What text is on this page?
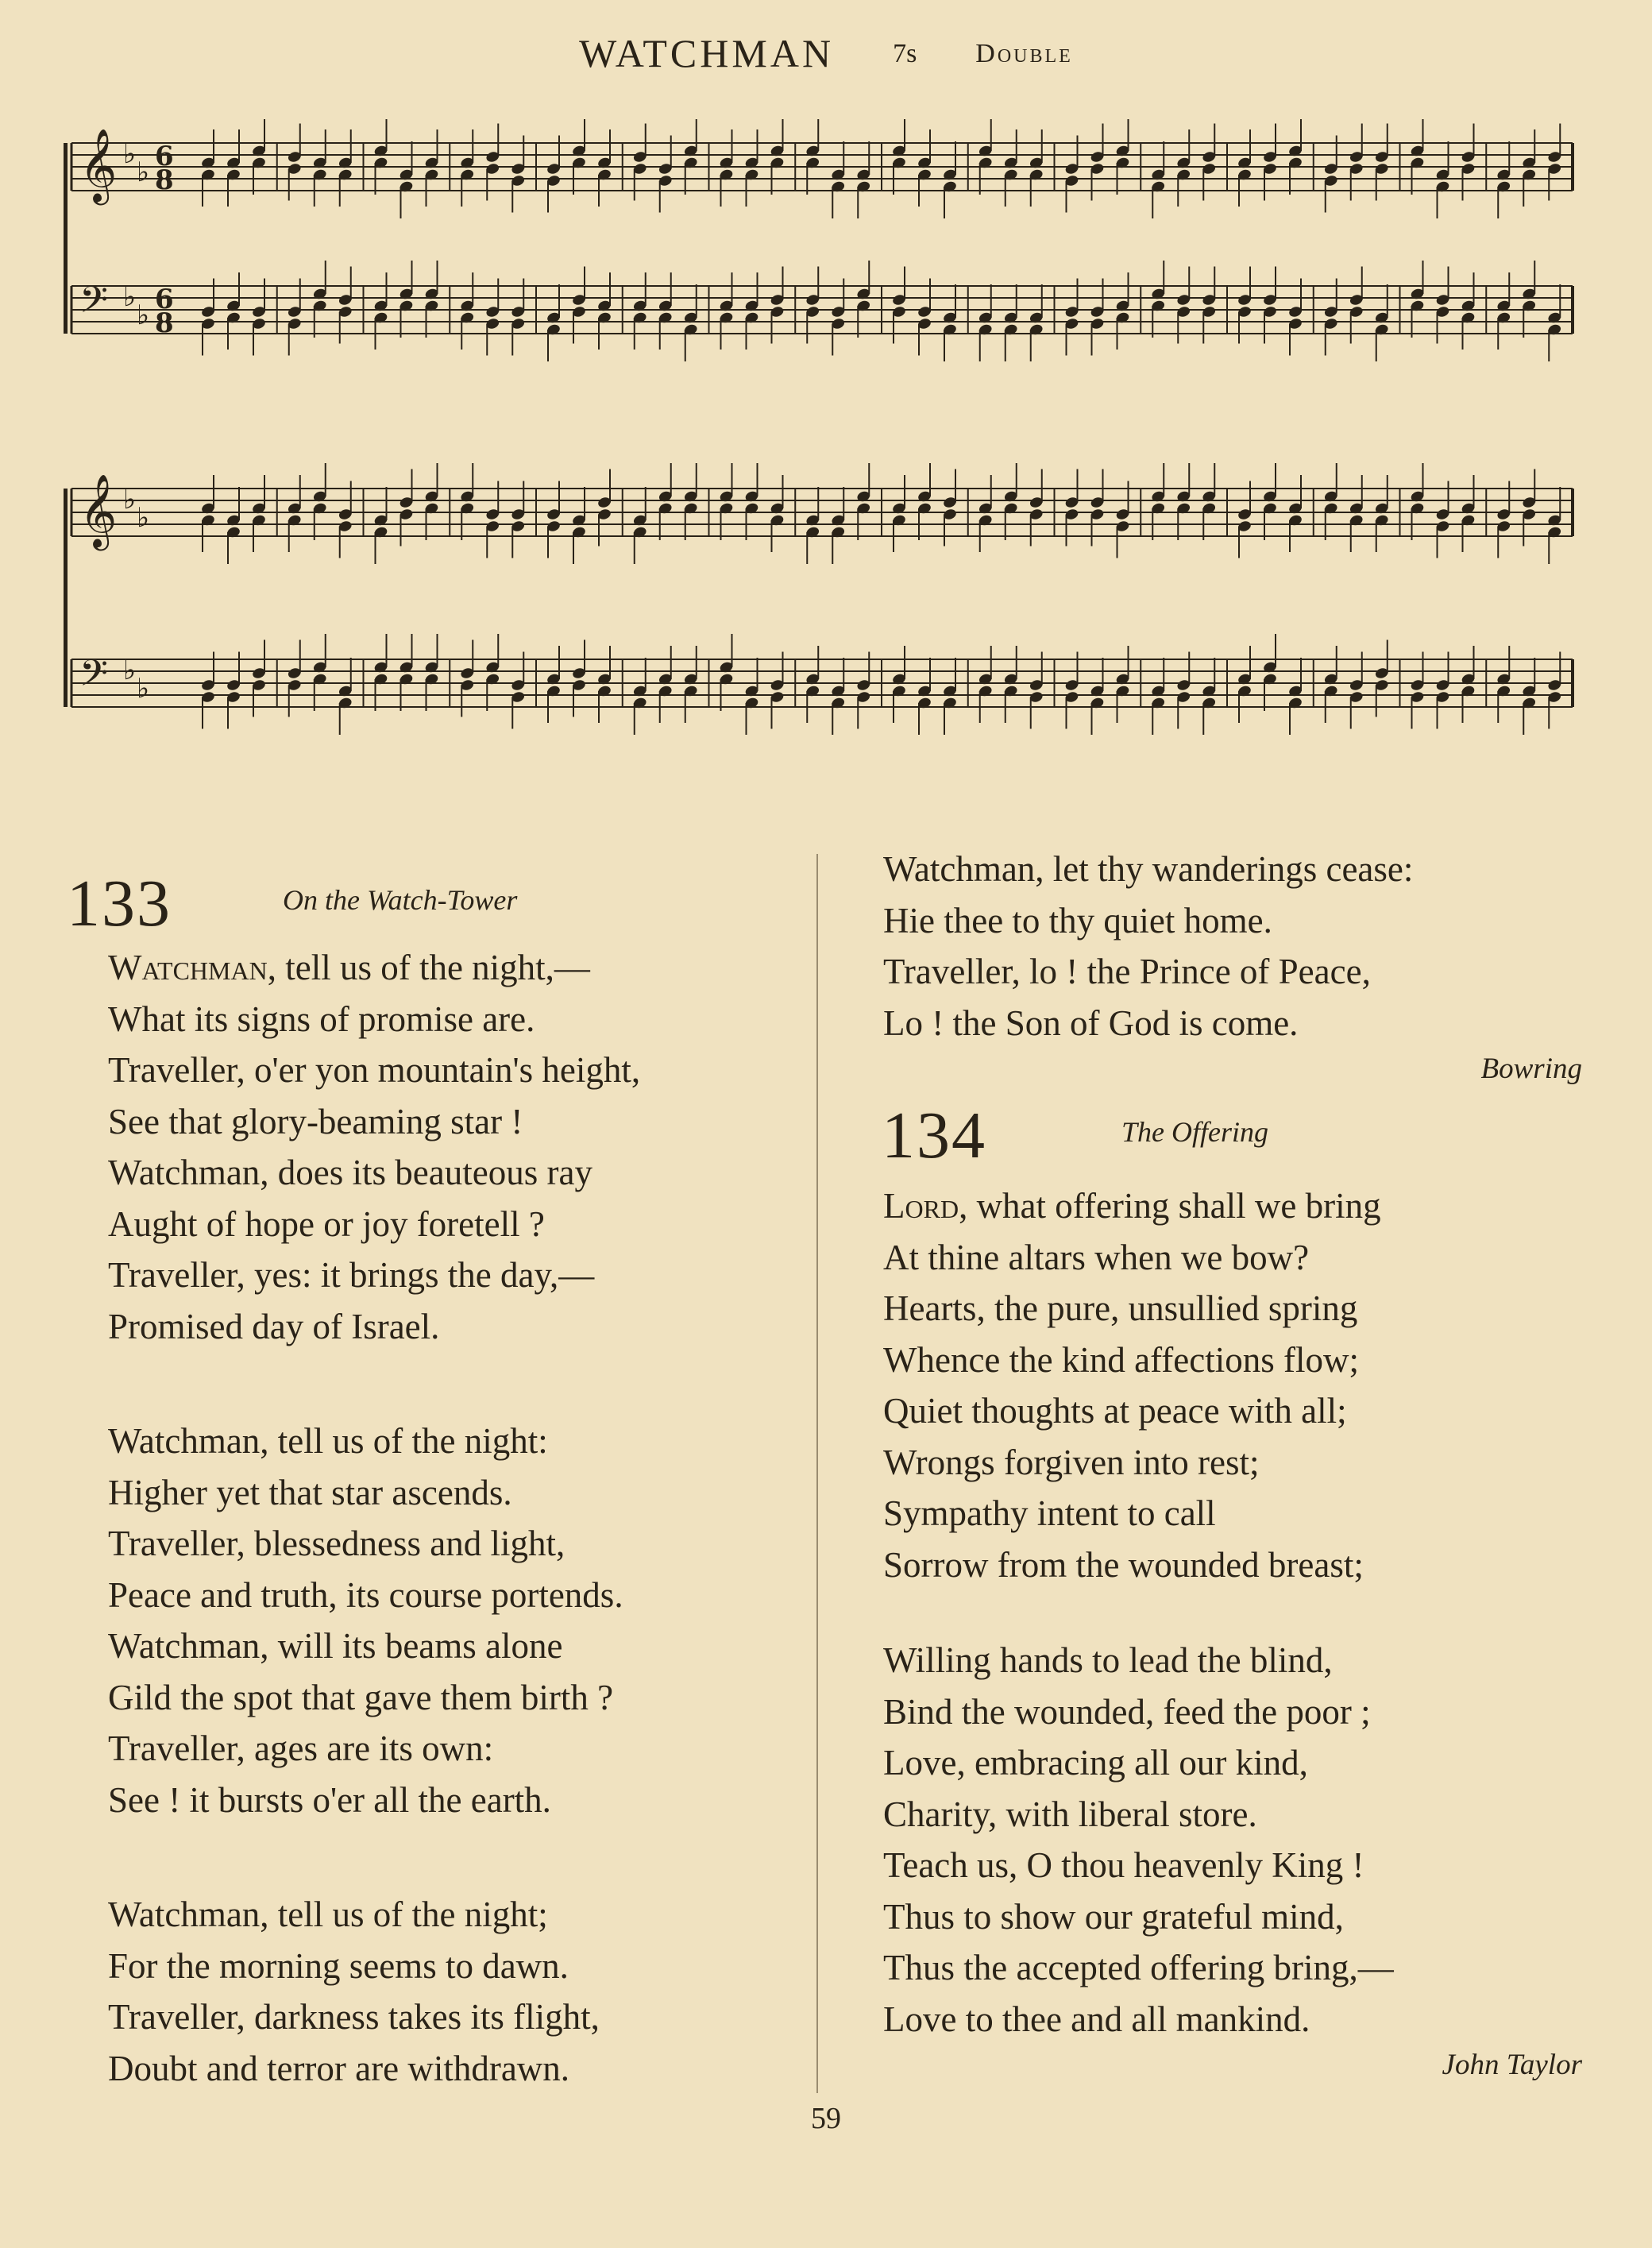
WATCHMAN 7s Double
𝄞 ♭
♭ 6
8
𝄢 ♭
♭ 6
8
𝄞 ♭
♭
𝄢 ♭
♭
133	On the Watch-Tower
Watchman, tell us of the night,—
What its signs of promise are.
Traveller, o'er yon mountain's height,
See that glory-beaming star !
Watchman, does its beauteous ray
Aught of hope or joy foretell ?
Traveller, yes: it brings the day,—
Promised day of Israel.
Watchman, tell us of the night:
Higher yet that star ascends.
Traveller, blessedness and light,
Peace and truth, its course portends.
Watchman, will its beams alone
Gild the spot that gave them birth ?
Traveller, ages are its own:
See ! it bursts o'er all the earth.
Watchman, tell us of the night;
For the morning seems to dawn.
Traveller, darkness takes its flight,
Doubt and terror are withdrawn.
Watchman, let thy wanderings cease:
Hie thee to thy quiet home.
Traveller, lo ! the Prince of Peace,
Lo ! the Son of God is come.
Bowring
134	The Offering
Lord, what offering shall we bring
At thine altars when we bow?
Hearts, the pure, unsullied spring
Whence the kind affections flow;
Quiet thoughts at peace with all;
Wrongs forgiven into rest;
Sympathy intent to call
Sorrow from the wounded breast;
Willing hands to lead the blind,
Bind the wounded, feed the poor ;
Love, embracing all our kind,
Charity, with liberal store.
Teach us, O thou heavenly King !
Thus to show our grateful mind,
Thus the accepted offering bring,—
Love to thee and all mankind.
John Taylor
59
